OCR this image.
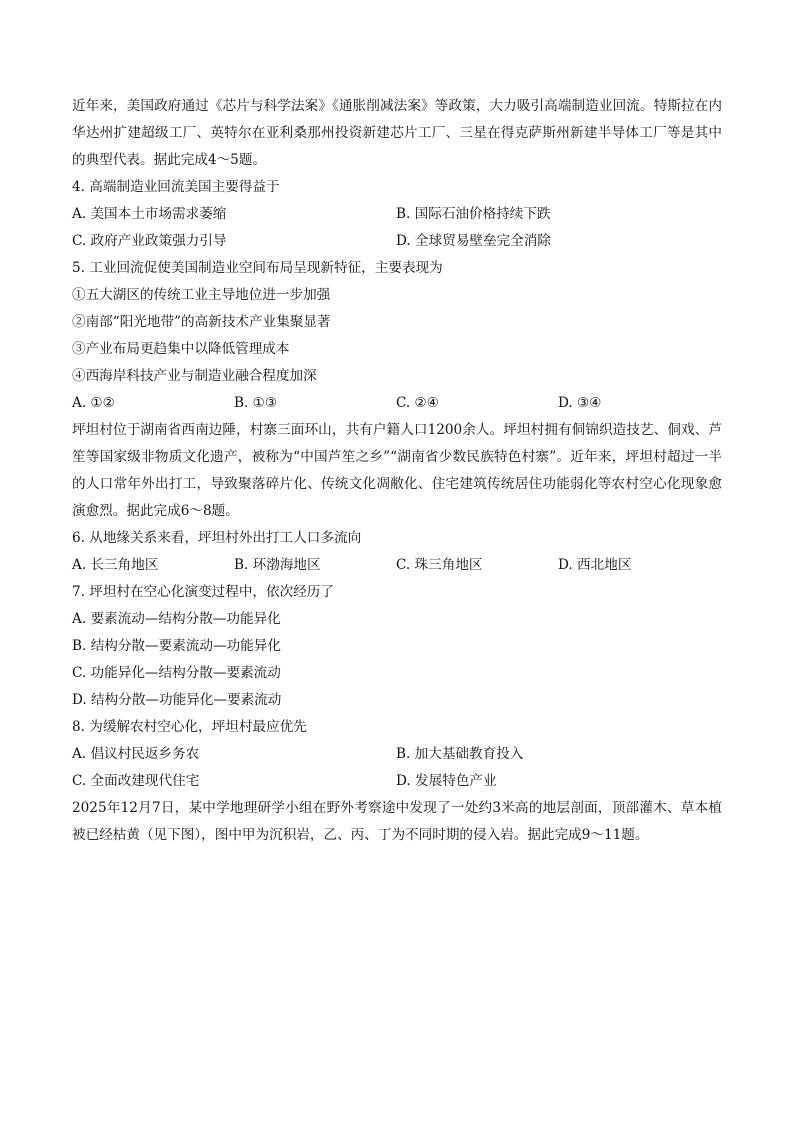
近年来，美国政府通过《芯片与科学法案》《通胀削减法案》等政策，大力吸引高端制造业回流。特斯拉在内华达州扩建超级工厂、英特尔在亚利桑那州投资新建芯片工厂、三星在得克萨斯州新建半导体工厂等是其中的典型代表。据此完成4～5题。

4. 高端制造业回流美国主要得益于
A. 美国本土市场需求萎缩	B. 国际石油价格持续下跌
C. 政府产业政策强力引导	D. 全球贸易壁垒完全消除
5. 工业回流促使美国制造业空间布局呈现新特征，主要表现为
①五大湖区的传统工业主导地位进一步加强
②南部“阳光地带”的高新技术产业集聚显著
③产业布局更趋集中以降低管理成本
④西海岸科技产业与制造业融合程度加深
A. ①②	B. ①③	C. ②④	D. ③④

坪坦村位于湖南省西南边陲，村寨三面环山，共有户籍人口1200余人。坪坦村拥有侗锦织造技艺、侗戏、芦笙等国家级非物质文化遗产，被称为“中国芦笙之乡”“湖南省少数民族特色村寨”。近年来，坪坦村超过一半的人口常年外出打工，导致聚落碎片化、传统文化凋敝化、住宅建筑传统居住功能弱化等农村空心化现象愈演愈烈。据此完成6～8题。

6. 从地缘关系来看，坪坦村外出打工人口多流向
A. 长三角地区	B. 环渤海地区	C. 珠三角地区	D. 西北地区
7. 坪坦村在空心化演变过程中，依次经历了
A. 要素流动—结构分散—功能异化
B. 结构分散—要素流动—功能异化
C. 功能异化—结构分散—要素流动
D. 结构分散—功能异化—要素流动
8. 为缓解农村空心化，坪坦村最应优先
A. 倡议村民返乡务农	B. 加大基础教育投入
C. 全面改建现代住宅	D. 发展特色产业

2025年12月7日，某中学地理研学小组在野外考察途中发现了一处约3米高的地层剖面，顶部灌木、草本植被已经枯黄（见下图），图中甲为沉积岩，乙、丙、丁为不同时期的侵入岩。据此完成9～11题。
